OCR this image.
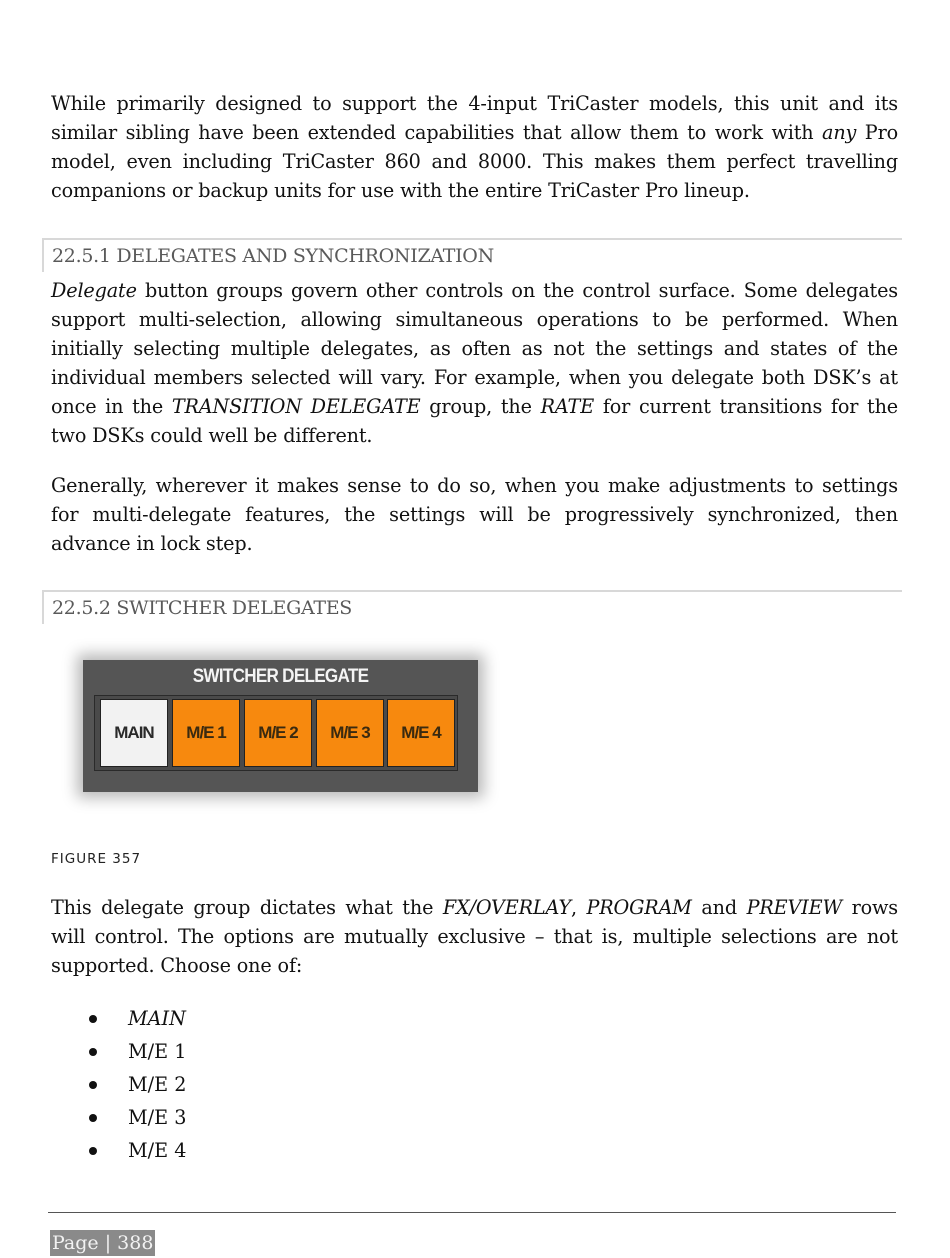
While primarily designed to support the 4-input TriCaster models, this unit and its similar sibling have been extended capabilities that allow them to work with any Pro model, even including TriCaster 860 and 8000. This makes them perfect travelling companions or backup units for use with the entire TriCaster Pro lineup.

22.5.1 DELEGATES AND SYNCHRONIZATION

Delegate button groups govern other controls on the control surface. Some delegates support multi-selection, allowing simultaneous operations to be performed. When initially selecting multiple delegates, as often as not the settings and states of the individual members selected will vary. For example, when you delegate both DSK’s at once in the TRANSITION DELEGATE group, the RATE for current transitions for the two DSKs could well be different.

Generally, wherever it makes sense to do so, when you make adjustments to settings for multi-delegate features, the settings will be progressively synchronized, then advance in lock step.

22.5.2 SWITCHER DELEGATES
SWITCHER DELEGATE
MAIN	M/E 1	M/E 2	M/E 3	M/E 4
FIGURE 357

This delegate group dictates what the FX/OVERLAY, PROGRAM and PREVIEW rows will control. The options are mutually exclusive – that is, multiple selections are not supported. Choose one of:

MAIN
M/E 1
M/E 2
M/E 3
M/E 4
Page | 388
